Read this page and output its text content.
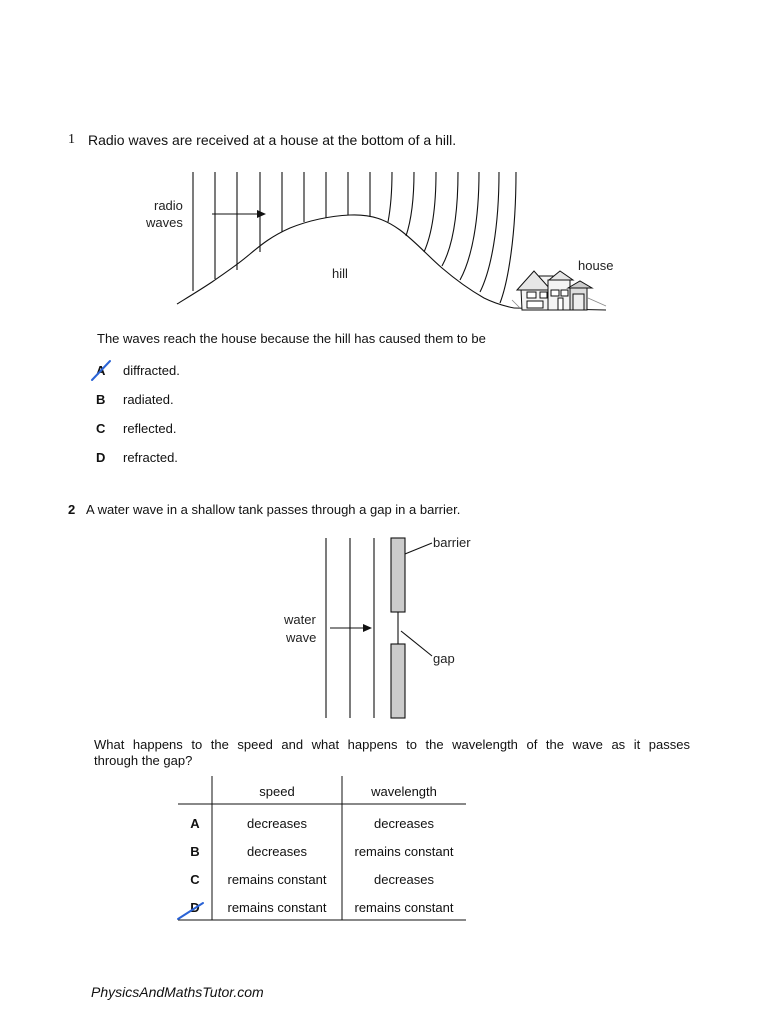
1 Radio waves are received at a house at the bottom of a hill.
radio
waves
hill
house
The waves reach the house because the hill has caused them to be
A diffracted.
B radiated.
C reflected.
D refracted.
2 A water wave in a shallow tank passes through a gap in a barrier.
barrier
water
wave
gap
What happens to the speed and what happens to the wavelength of the wave as it passes
through the gap?
speed	wavelength
A	decreases	decreases
B	decreases	remains constant
C	remains constant	decreases
D	remains constant	remains constant
PhysicsAndMathsTutor.com
